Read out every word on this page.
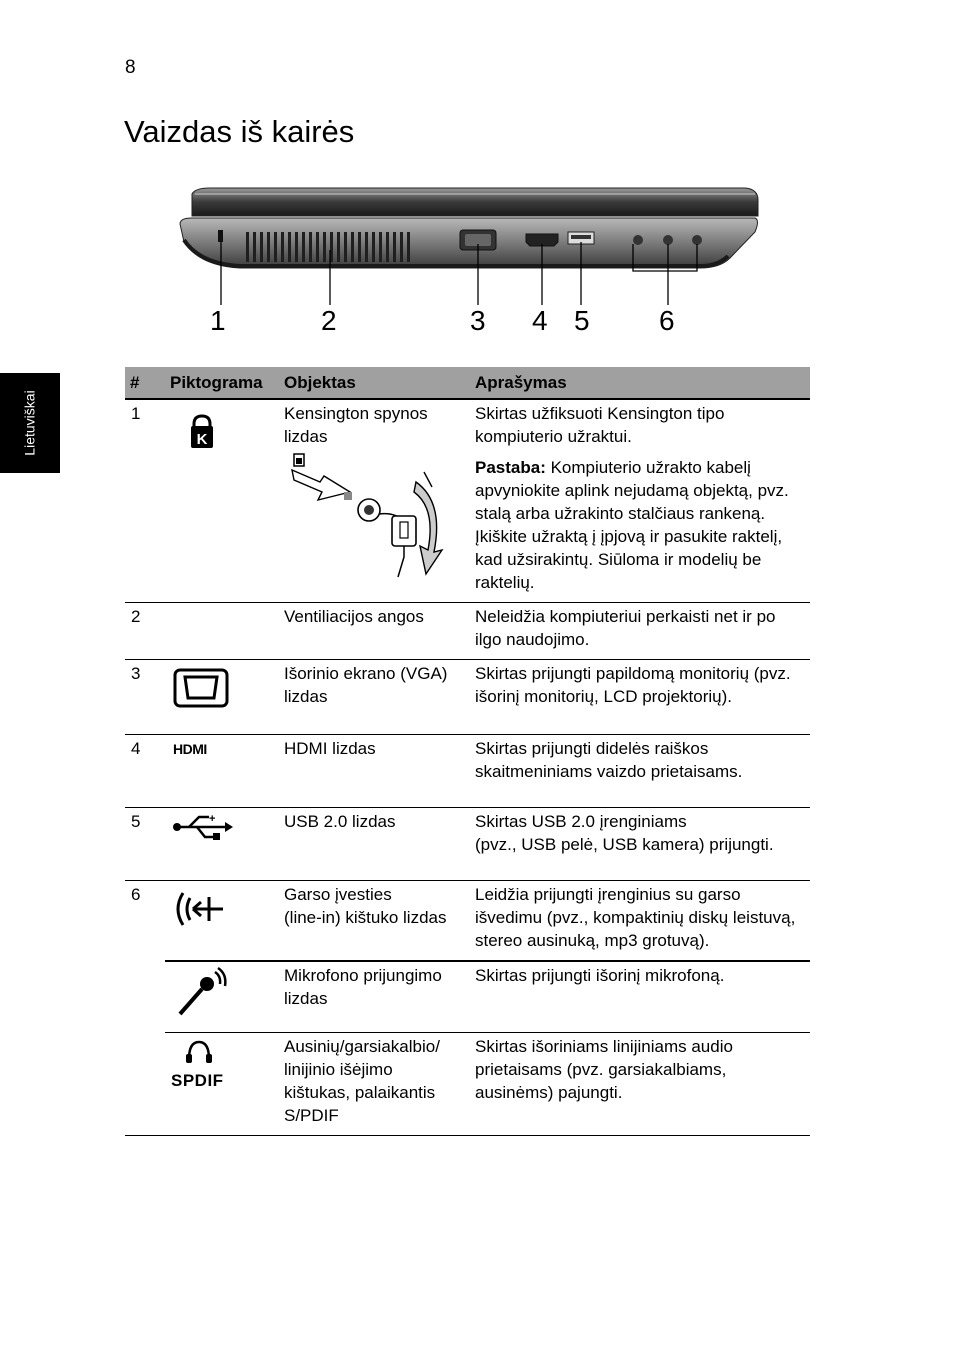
8
Vaizdas iš kairės
Lietuviškai
1	2	3 4 5 6
#	Piktograma	Objektas	Aprašymas
1	K	Kensington spynos lizdas	Skirtas užfiksuoti Kensington tipo kompiuterio užraktui.
Pastaba: Kompiuterio užrakto kabelį apvyniokite aplink nejudamą objektą, pvz. stalą arba užrakinto stalčiaus rankeną. Įkiškite užraktą į įpjovą ir pasukite raktelį, kad užsirakintų. Siūloma ir modelių be raktelių.

2		Ventiliacijos angos	Neleidžia kompiuteriui perkaisti net ir po ilgo naudojimo.
3		Išorinio ekrano (VGA) lizdas	Skirtas prijungti papildomą monitorių (pvz. išorinį monitorių, LCD projektorių).
4	HDMI	HDMI lizdas	Skirtas prijungti didelės raiškos skaitmeniniams vaizdo prietaisams.
5	+	USB 2.0 lizdas	Skirtas USB 2.0 įrenginiams
(pvz., USB pelė, USB kamera) prijungti.

6		Garso įvesties
(line-in) kištuko lizdas	Leidžia prijungti įrenginius su garso išvedimu (pvz., kompaktinių diskų leistuvą, stereo ausinuką, mp3 grotuvą).
		Mikrofono prijungimo lizdas	Skirtas prijungti išorinį mikrofoną.

	SPDIF	Ausinių/garsiakalbio/
linijinio išėjimo
kištukas, palaikantis
S/PDIF	Skirtas išoriniams linijiniams audio prietaisams (pvz. garsiakalbiams, ausinėms) pajungti.
